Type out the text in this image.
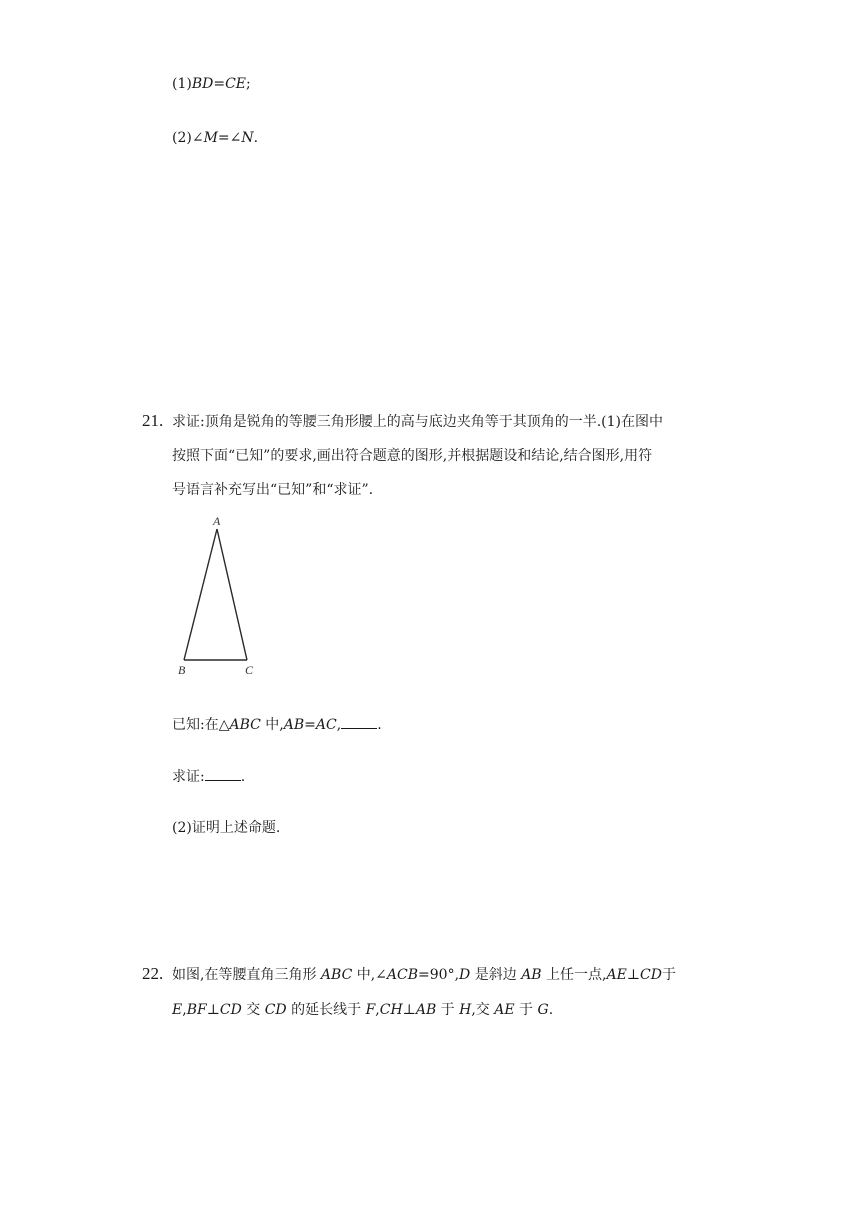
(1)BD=CE;
(2)∠M=∠N.
21. 求证:顶角是锐角的等腰三角形腰上的高与底边夹角等于其顶角的一半.(1)在图中
按照下面“已知”的要求,画出符合题意的图形,并根据题设和结论,结合图形,用符
号语言补充写出“已知”和“求证”.
A
B	C
已知:在△ABC 中,AB=AC,	.
求证:	.
(2)证明上述命题.
22. 如图,在等腰直角三角形 ABC 中,∠ACB=90°,D 是斜边 AB 上任一点,AE⊥CD于
E,BF⊥CD 交 CD 的延长线于 F,CH⊥AB 于 H,交 AE 于 G.
